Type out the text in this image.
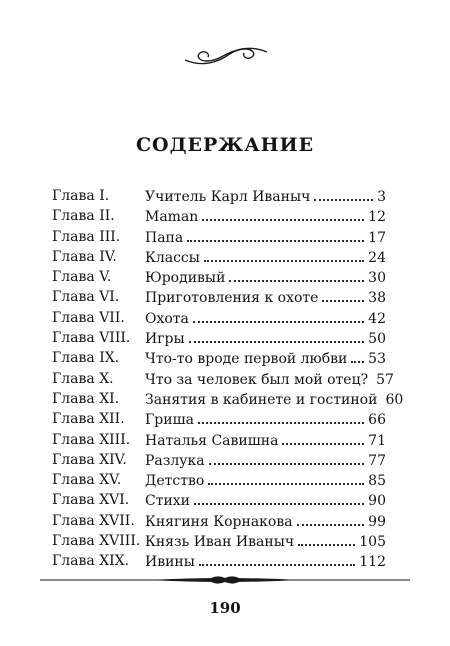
СОДЕРЖАНИЕ
Глава I.	Учитель Карл Иваныч	3
Глава II. Maman	12
Глава III. Папа	17
Глава IV. Классы	24
Глава V. Юродивый	30
Глава VI. Приготовления к охоте	38
Глава VII. Охота	42
Глава VIII. Игры	50
Глава IX. Что-то вроде первой любви 53
Глава X. Что за человек был мой отец? 57
Глава XI. Занятия в кабинете и гостиной 60
Глава XII. Гриша	66
Глава XIII. Наталья Савишна	71
Глава XIV. Разлука	77
Глава XV. Детство	85
Глава XVI. Стихи	90
Глава XVII. Княгиня Корнакова	99
Глава XVIII. Князь Иван Иваныч	105
Глава XIX. Ивины	112
190
